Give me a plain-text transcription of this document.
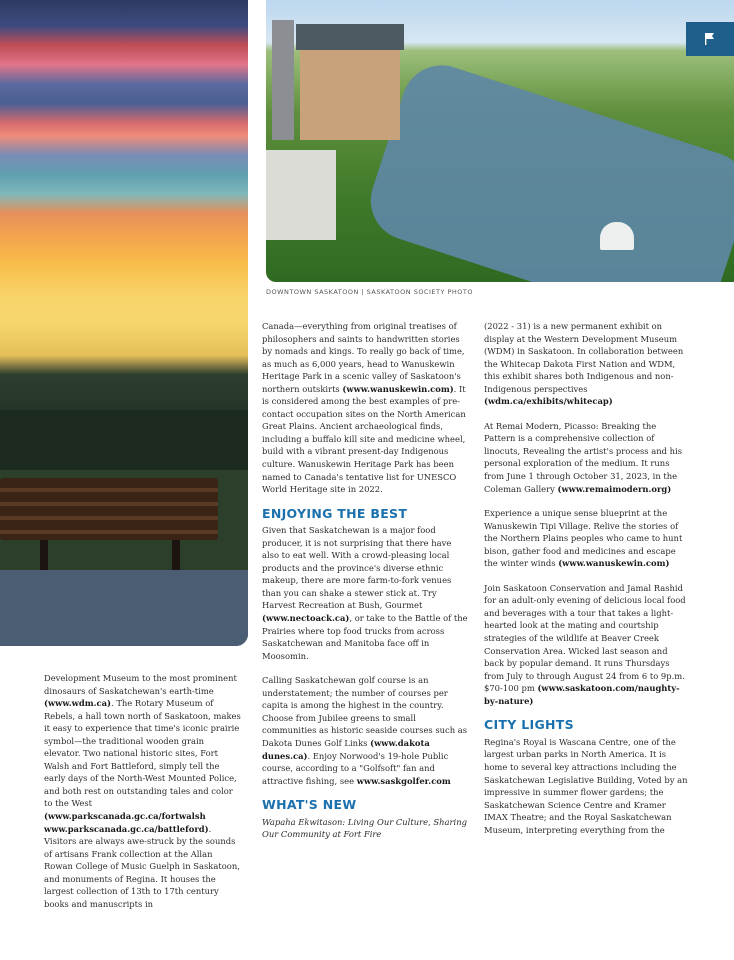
DOWNTOWN SASKATOON | SASKATOON SOCIETY PHOTO

Development Museum to the most prominent dinosaurs of Saskatchewan's earth-time (www.wdm.ca). The Rotary Museum of Rebels, a hall town north of Saskatoon, makes it easy to experience that time's iconic prairie symbol—the traditional wooden grain elevator. Two national historic sites, Fort Walsh and Fort Battleford, simply tell the early days of the North-West Mounted Police, and both rest on outstanding tales and color to the West (www.parkscanada.gc.ca/fortwalsh www.parkscanada.gc.ca/battleford). Visitors are always awe-struck by the sounds of artisans Frank collection at the Allan Rowan College of Music Guelph in Saskatoon, and monuments of Regina. It houses the largest collection of 13th to 17th century books and manuscripts in

Canada—everything from original treatises of philosophers and saints to handwritten stories by nomads and kings. To really go back of time, as much as 6,000 years, head to Wanuskewin Heritage Park in a scenic valley of Saskatoon's northern outskirts (www.wanuskewin.com). It is considered among the best examples of pre-contact occupation sites on the North American Great Plains. Ancient archaeological finds, including a buffalo kill site and medicine wheel, build with a vibrant present-day Indigenous culture. Wanuskewin Heritage Park has been named to Canada's tentative list for UNESCO World Heritage site in 2022.

ENJOYING THE BEST

Given that Saskatchewan is a major food producer, it is not surprising that there have also to eat well. With a crowd-pleasing local products and the province's diverse ethnic makeup, there are more farm-to-fork venues than you can shake a stewer stick at. Try Harvest Recreation at Bush, Gourmet (www.nectoack.ca), or take to the Battle of the Prairies where top food trucks from across Saskatchewan and Manitoba face off in Moosomin.

Calling Saskatchewan golf course is an understatement; the number of courses per capita is among the highest in the country. Choose from Jubilee greens to small communities as historic seaside courses such as Dakota Dunes Golf Links (www.dakota dunes.ca). Enjoy Norwood's 19-hole Public course, according to a "Golfsoft" fan and attractive fishing, see www.saskgolfer.com

WHAT'S NEW

Wapaha Ekwitason: Living Our Culture, Sharing Our Community at Fort Fire

(2022 - 31) is a new permanent exhibit on display at the Western Development Museum (WDM) in Saskatoon. In collaboration between the Whitecap Dakota First Nation and WDM, this exhibit shares both Indigenous and non-Indigenous perspectives (wdm.ca/exhibits/whitecap)

At Remai Modern, Picasso: Breaking the Pattern is a comprehensive collection of linocuts, Revealing the artist's process and his personal exploration of the medium. It runs from June 1 through October 31, 2023, in the Coleman Gallery (www.remaimodern.org)

Experience a unique sense blueprint at the Wanuskewin Tipi Village. Relive the stories of the Northern Plains peoples who came to hunt bison, gather food and medicines and escape the winter winds (www.wanuskewin.com)

Join Saskatoon Conservation and Jamal Rashid for an adult-only evening of delicious local food and beverages with a tour that takes a light-hearted look at the mating and courtship strategies of the wildlife at Beaver Creek Conservation Area. Wicked last season and back by popular demand. It runs Thursdays from July to through August 24 from 6 to 9p.m. $70-100 pm (www.saskatoon.com/naughty-by-nature)

CITY LIGHTS

Regina's Royal is Wascana Centre, one of the largest urban parks in North America. It is home to several key attractions including the Saskatchewan Legislative Building, Voted by an impressive in summer flower gardens; the Saskatchewan Science Centre and Kramer IMAX Theatre; and the Royal Saskatchewan Museum, interpreting everything from the
